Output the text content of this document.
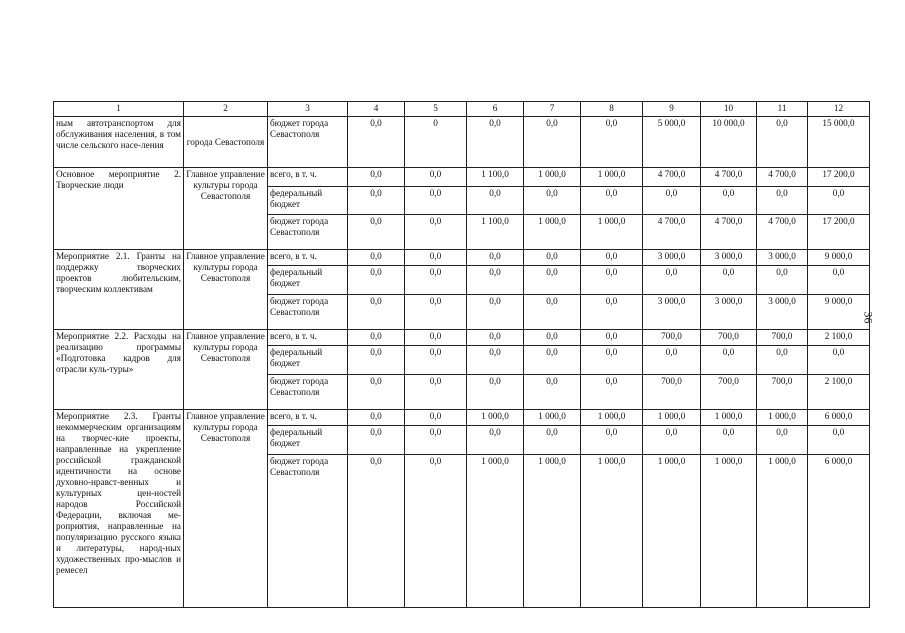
36
1	2	3	4	5	6	7	8	9	10	11	12
ным автотранспортом для обслуживания населения, в том числе сельского насе-ления	города Севастополя	бюджет города Севастополя	0,0	0	0,0	0,0	0,0	5 000,0	10 000,0	0,0	15 000,0
Основное мероприятие 2. Творческие люди	Главное управление культуры города Севастополя	всего, в т. ч.	0,0	0,0	1 100,0	1 000,0	1 000,0	4 700,0	4 700,0	4 700,0	17 200,0
		федеральный бюджет	0,0	0,0	0,0	0,0	0,0	0,0	0,0	0,0	0,0
		бюджет города Севастополя	0,0	0,0	1 100,0	1 000,0	1 000,0	4 700,0	4 700,0	4 700,0	17 200,0
Мероприятие 2.1. Гранты на поддержку творческих проектов любительским, творческим коллективам	Главное управление культуры города Севастополя	всего, в т. ч.	0,0	0,0	0,0	0,0	0,0	3 000,0	3 000,0	3 000,0	9 000,0
		федеральный бюджет	0,0	0,0	0,0	0,0	0,0	0,0	0,0	0,0	0,0
		бюджет города Севастополя	0,0	0,0	0,0	0,0	0,0	3 000,0	3 000,0	3 000,0	9 000,0
Мероприятие 2.2. Расходы на реализацию программы «Подготовка кадров для отрасли куль-туры»	Главное управление культуры города Севастополя	всего, в т. ч.	0,0	0,0	0,0	0,0	0,0	700,0	700,0	700,0	2 100,0
		федеральный бюджет	0,0	0,0	0,0	0,0	0,0	0,0	0,0	0,0	0,0
		бюджет города Севастополя	0,0	0,0	0,0	0,0	0,0	700,0	700,0	700,0	2 100,0
Мероприятие 2.3. Гранты некоммерческим организациям на творчес-кие проекты, направленные на укрепление российской гражданской идентичности на основе духовно-нравст-венных и культурных цен-ностей народов Российской Федерации, включая ме-роприятия, направленные на популяризацию русского языка и литературы, народ-ных художественных про-мыслов и ремесел	Главное управление культуры города Севастополя	всего, в т. ч.	0,0	0,0	1 000,0	1 000,0	1 000,0	1 000,0	1 000,0	1 000,0	6 000,0
		федеральный бюджет	0,0	0,0	0,0	0,0	0,0	0,0	0,0	0,0	0,0
		бюджет города Севастополя	0,0	0,0	1 000,0	1 000,0	1 000,0	1 000,0	1 000,0	1 000,0	6 000,0
